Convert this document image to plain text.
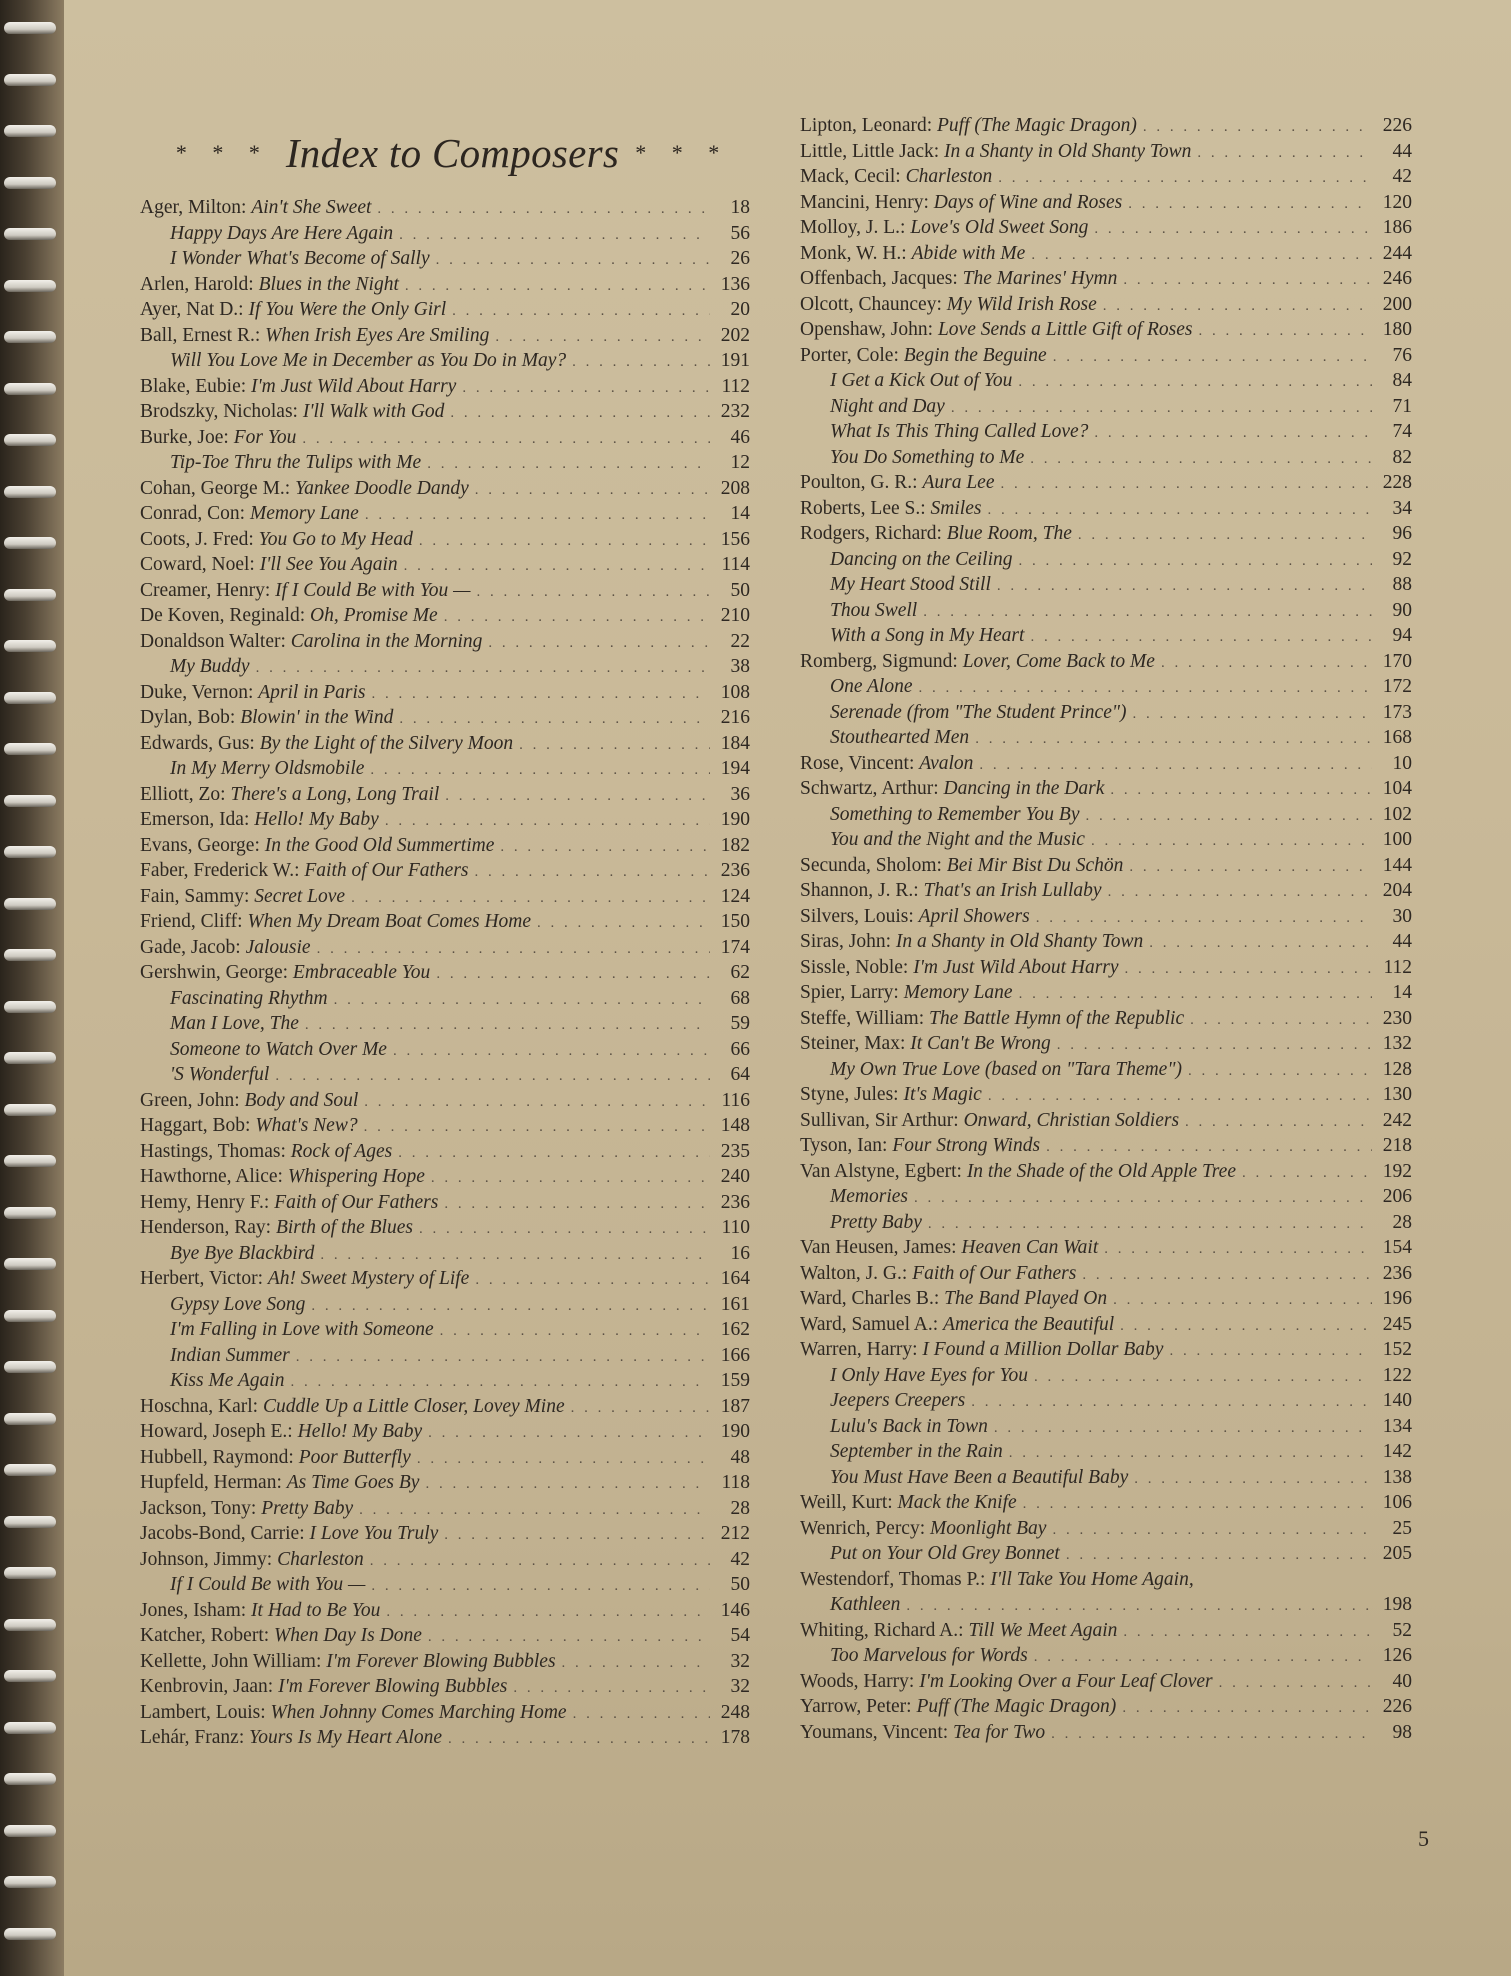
* * * Index to Composers * * *
Ager, Milton:
Ain't She Sweet . . .	18
Happy Days Are Here Again . . .	56
I Wonder What's Become of Sally . . .	26
Arlen, Harold:
Blues in the Night . . .	136
Ayer, Nat D.:
If You Were the Only Girl . . .	20
Ball, Ernest R.:
When Irish Eyes Are Smiling . . .	202
Will You Love Me in December as You Do in May? . . .	191
Blake, Eubie:
I'm Just Wild About Harry . . .	112
Brodszky, Nicholas:
I'll Walk with God . . .	232
Burke, Joe:
For You . . .	46
Tip-Toe Thru the Tulips with Me . . .	12
Cohan, George M.:
Yankee Doodle Dandy . . .	208
Conrad, Con:
Memory Lane . . .	14
Coots, J. Fred:
You Go to My Head . . .	156
Coward, Noel:
I'll See You Again . . .	114
Creamer, Henry:
If I Could Be with You — . . .	50
De Koven, Reginald:
Oh, Promise Me . . .	210
Donaldson Walter:
Carolina in the Morning . . .	22
My Buddy . . .	38
Duke, Vernon:
April in Paris . . .	108
Dylan, Bob:
Blowin' in the Wind . . .	216
Edwards, Gus:
By the Light of the Silvery Moon . . .	184
In My Merry Oldsmobile . . .	194
Elliott, Zo:
There's a Long, Long Trail . . .	36
Emerson, Ida:
Hello! My Baby . . .	190
Evans, George:
In the Good Old Summertime . . .	182
Faber, Frederick W.:
Faith of Our Fathers . . .	236
Fain, Sammy:
Secret Love . . .	124
Friend, Cliff:
When My Dream Boat Comes Home . . .	150
Gade, Jacob:
Jalousie . . .	174
Gershwin, George:
Embraceable You . . .	62
Fascinating Rhythm . . .	68
Man I Love, The . . .	59
Someone to Watch Over Me . . .	66
'S Wonderful . . .	64
Green, John:
Body and Soul . . .	116
Haggart, Bob:
What's New? . . .	148
Hastings, Thomas:
Rock of Ages . . .	235
Hawthorne, Alice:
Whispering Hope . . .	240
Hemy, Henry F.:
Faith of Our Fathers . . .	236
Henderson, Ray:
Birth of the Blues . . .	110
Bye Bye Blackbird . . .	16
Herbert, Victor:
Ah! Sweet Mystery of Life . . .	164
Gypsy Love Song . . .	161
I'm Falling in Love with Someone . . .	162
Indian Summer . . .	166
Kiss Me Again . . .	159
Hoschna, Karl:
Cuddle Up a Little Closer, Lovey Mine . . .	187
Howard, Joseph E.:
Hello! My Baby . . .	190
Hubbell, Raymond:
Poor Butterfly . . .	48
Hupfeld, Herman:
As Time Goes By . . .	118
Jackson, Tony:
Pretty Baby . . .	28
Jacobs-Bond, Carrie:
I Love You Truly . . .	212
Johnson, Jimmy:
Charleston . . .	42
If I Could Be with You — . . .	50
Jones, Isham:
It Had to Be You . . .	146
Katcher, Robert:
When Day Is Done . . .	54
Kellette, John William:
I'm Forever Blowing Bubbles . . .	32
Kenbrovin, Jaan:
I'm Forever Blowing Bubbles . . .	32
Lambert, Louis:
When Johnny Comes Marching Home . . .	248
Lehár, Franz:
Yours Is My Heart Alone . . .	178
Lipton, Leonard:
Puff (The Magic Dragon) . . .	226
Little, Little Jack:
In a Shanty in Old Shanty Town . . .	44
Mack, Cecil:
Charleston . . .	42
Mancini, Henry:
Days of Wine and Roses . . .	120
Molloy, J. L.:
Love's Old Sweet Song . . .	186
Monk, W. H.:
Abide with Me . . .	244
Offenbach, Jacques:
The Marines' Hymn . . .	246
Olcott, Chauncey:
My Wild Irish Rose . . .	200
Openshaw, John:
Love Sends a Little Gift of Roses . . .	180
Porter, Cole:
Begin the Beguine . . .	76
I Get a Kick Out of You . . .	84
Night and Day . . .	71
What Is This Thing Called Love? . . .	74
You Do Something to Me . . .	82
Poulton, G. R.:
Aura Lee . . .	228
Roberts, Lee S.:
Smiles . . .	34
Rodgers, Richard:
Blue Room, The . . .	96
Dancing on the Ceiling . . .	92
My Heart Stood Still . . .	88
Thou Swell . . .	90
With a Song in My Heart . . .	94
Romberg, Sigmund:
Lover, Come Back to Me . . .	170
One Alone . . .	172
Serenade (from "The Student Prince") . . .	173
Stouthearted Men . . .	168
Rose, Vincent:
Avalon . . .	10
Schwartz, Arthur:
Dancing in the Dark . . .	104
Something to Remember You By . . .	102
You and the Night and the Music . . .	100
Secunda, Sholom:
Bei Mir Bist Du Schön . . .	144
Shannon, J. R.:
That's an Irish Lullaby . . .	204
Silvers, Louis:
April Showers . . .	30
Siras, John:
In a Shanty in Old Shanty Town . . .	44
Sissle, Noble:
I'm Just Wild About Harry . . .	112
Spier, Larry:
Memory Lane . . .	14
Steffe, William:
The Battle Hymn of the Republic . . .	230
Steiner, Max:
It Can't Be Wrong . . .	132
My Own True Love (based on "Tara Theme") . . .	128
Styne, Jules:
It's Magic . . .	130
Sullivan, Sir Arthur:
Onward, Christian Soldiers . . .	242
Tyson, Ian:
Four Strong Winds . . .	218
Van Alstyne, Egbert:
In the Shade of the Old Apple Tree . . .	192
Memories . . .	206
Pretty Baby . . .	28
Van Heusen, James:
Heaven Can Wait . . .	154
Walton, J. G.:
Faith of Our Fathers . . .	236
Ward, Charles B.:
The Band Played On . . .	196
Ward, Samuel A.:
America the Beautiful . . .	245
Warren, Harry:
I Found a Million Dollar Baby . . .	152
I Only Have Eyes for You . . .	122
Jeepers Creepers . . .	140
Lulu's Back in Town . . .	134
September in the Rain . . .	142
You Must Have Been a Beautiful Baby . . .	138
Weill, Kurt:
Mack the Knife . . .	106
Wenrich, Percy:
Moonlight Bay . . .	25
Put on Your Old Grey Bonnet . . .	205
Westendorf, Thomas P.:
I'll Take You Home Again,
Kathleen . . .	198
Whiting, Richard A.:
Till We Meet Again . . .	52
Too Marvelous for Words . . .	126
Woods, Harry:
I'm Looking Over a Four Leaf Clover . . .	40
Yarrow, Peter:
Puff (The Magic Dragon) . . .	226
Youmans, Vincent:
Tea for Two . . .	98
5
